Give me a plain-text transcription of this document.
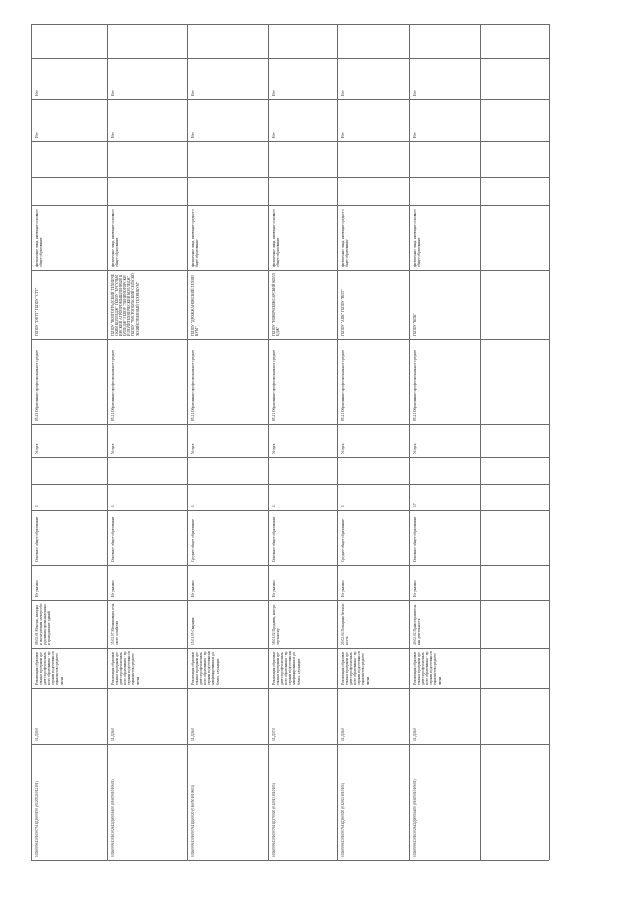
Нет
Нет
физические лица, имеющие основное общее образование
ГБПОУ "ОПТТ" ГБПОУ "СТТ"
85.21 Образование профессиональное среднее
Услуга
1
Основное общее образование
Не указано
08.02.01 Монтаж, наладка и эксплуатация электрооборудования промышленных и гражданских зданий
Реализация образовательных программ среднего профессионального образования - программ подготовки специалистов среднего звена
11.ДЗ0.0
1026000613016507511ДЗ600150 (0120521012101)
Нет
Нет
физические лица, имеющие основное общее образование
ГБПОУ "ВОЛГОГРАДСКИЙ ТЕХНИЧЕСКИЙ КОЛЛЕДЖ" ГБПОУ "БУГУЛЬМИНСКИЙ АГРОПРОМЫШЛЕННЫЙ КОЛЛЕДЖ" ГБПОУ "ЛЕНИНОГОРСКИЙ ПОЛИТЕХНИЧЕСКИЙ КОЛЛЕДЖ" ГБПОУ "ЧИСТОПОЛЬСКИЙ СЕЛЬСКОХОЗЯЙСТВЕННЫЙ ТЕХНИКУМ"
85.21 Образование профессиональное среднее
Услуга
1
Основное общее образование
Не указано
35.02.07 Механизация сельского хозяйства
Реализация образовательных программ среднего профессионального образования - программ подготовки специалистов среднего звена
11.ДЗ6.0
1026000613016302612Д60016400 (0160501010601)
Нет
Нет
физические лица, имеющие среднее общее образование
ГБПОУ "ДРОЖЖАНОВСКИЙ ТЕХНИКУМ"
85.21 Образование профессиональное среднее
Услуга
1
Среднее общее образование
Не указано
15.01.05 Сварщик
Реализация образовательных программ среднего профессионального образования - программ подготовки квалифицированных рабочих, служащих
11.ДЗ6.0
1026000613016507611Д60020 (0160501010601)
Нет
Нет
физические лица, имеющие основное общее образование
ГБПОУ "НОВОЧЕБОКСАРСКИЙ КОЛЛЕДЖ"
85.21 Образование профессиональное среднее
Услуга
1
Основное общее образование
Не указано
38.01.02 Продавец, контролер-кассир
Реализация образовательных программ среднего профессионального образования - программ подготовки квалифицированных рабочих, служащих
11.ДЗ7.0
1026000613016507611ДЗ70020 (0120131010101)
Нет
Нет
физические лица, имеющие среднее общее образование
ГБПОУ "АПК" ГБПОУ "ВПТ"
85.21 Образование профессиональное среднее
Услуга
1
Среднее общее образование
Не указано
20.02.04 Пожарная безопасность
Реализация образовательных программ среднего профессионального образования - программ подготовки специалистов среднего звена
11.ДЗ6.0
1026000613016507611ДЗ60020 (0120231010101)
Нет
Нет
физические лица, имеющие основное общее образование
ГБПОУ "КПК"
85.21 Образование профессиональное среднее
Услуга
17
Основное общее образование
Не указано
40.02.02 Правоохранительная деятельность
Реализация образовательных программ среднего профессионального образования - программ подготовки специалистов среднего звена
11.ДЗ6.0
1026000613016302612Д60016400 (0160501010601)
